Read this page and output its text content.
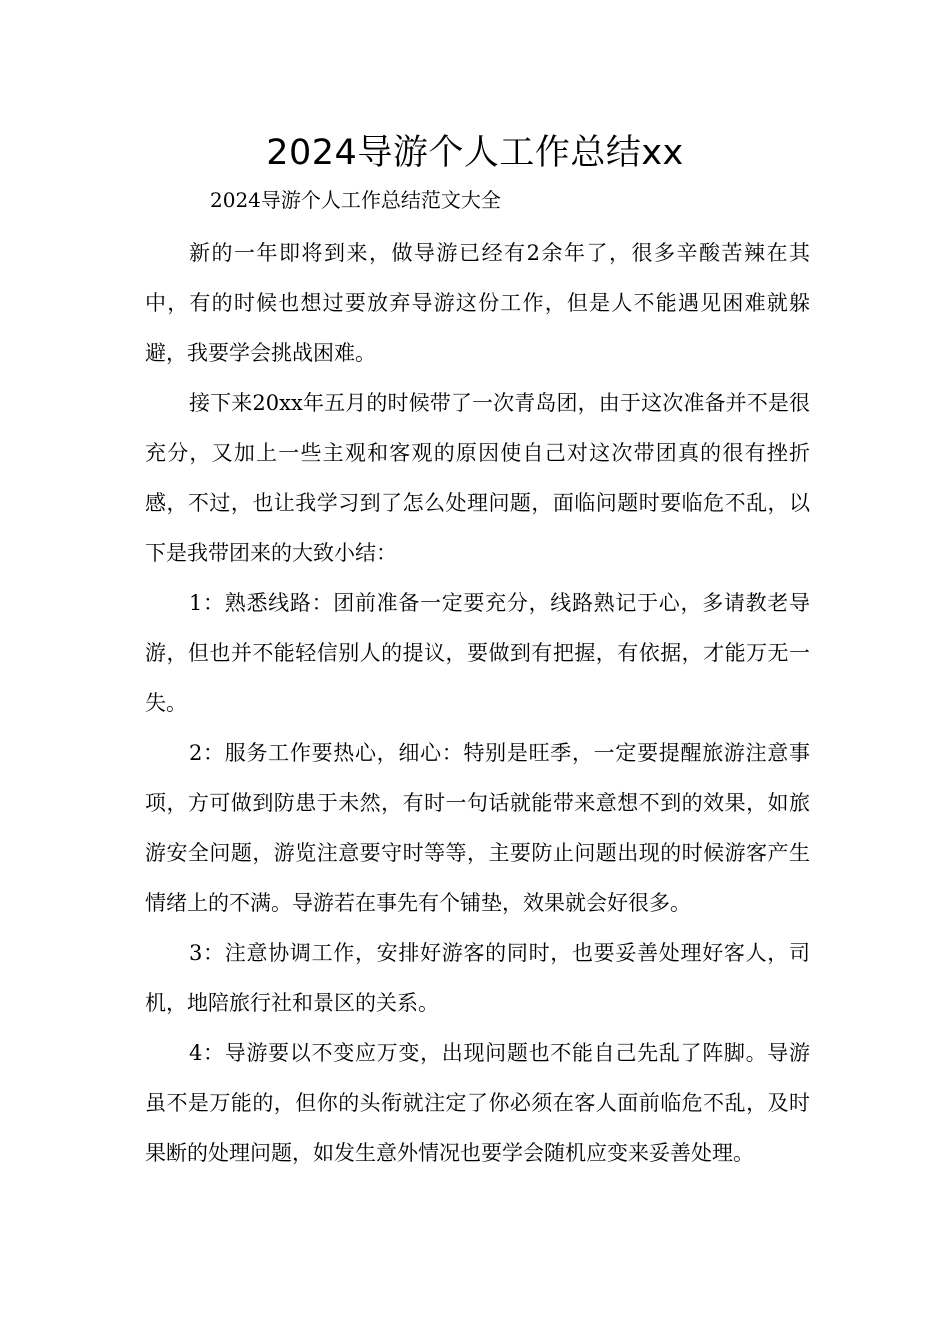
2024导游个人工作总结xx

2024导游个人工作总结范文大全

新的一年即将到来，做导游已经有2余年了，很多辛酸苦辣在其中，有的时候也想过要放弃导游这份工作，但是人不能遇见困难就躲避，我要学会挑战困难。

接下来20xx年五月的时候带了一次青岛团，由于这次准备并不是很充分，又加上一些主观和客观的原因使自己对这次带团真的很有挫折感，不过，也让我学习到了怎么处理问题，面临问题时要临危不乱，以下是我带团来的大致小结：

1：熟悉线路：团前准备一定要充分，线路熟记于心，多请教老导游，但也并不能轻信别人的提议，要做到有把握，有依据，才能万无一失。

2：服务工作要热心，细心：特别是旺季，一定要提醒旅游注意事项，方可做到防患于未然，有时一句话就能带来意想不到的效果，如旅游安全问题，游览注意要守时等等，主要防止问题出现的时候游客产生情绪上的不满。导游若在事先有个铺垫，效果就会好很多。

3：注意协调工作，安排好游客的同时，也要妥善处理好客人，司机，地陪旅行社和景区的关系。

4：导游要以不变应万变，出现问题也不能自己先乱了阵脚。导游虽不是万能的，但你的头衔就注定了你必须在客人面前临危不乱，及时果断的处理问题，如发生意外情况也要学会随机应变来妥善处理。
